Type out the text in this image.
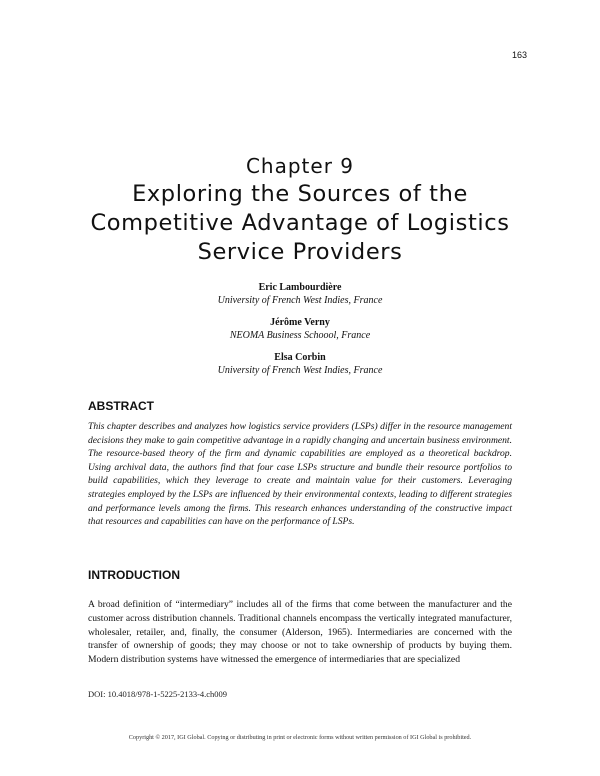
163
Chapter 9
Exploring the Sources of the Competitive Advantage of Logistics Service Providers
Eric Lambourdière
University of French West Indies, France
Jérôme Verny
NEOMA Business Schoool, France
Elsa Corbin
University of French West Indies, France
ABSTRACT

This chapter describes and analyzes how logistics service providers (LSPs) differ in the resource management decisions they make to gain competitive advantage in a rapidly changing and uncertain business environment. The resource-based theory of the firm and dynamic capabilities are employed as a theoretical backdrop. Using archival data, the authors find that four case LSPs structure and bundle their resource portfolios to build capabilities, which they leverage to create and maintain value for their customers. Leveraging strategies employed by the LSPs are influenced by their environmental contexts, leading to different strategies and performance levels among the firms. This research enhances understanding of the constructive impact that resources and capabilities can have on the performance of LSPs.

INTRODUCTION

A broad definition of “intermediary” includes all of the firms that come between the manufacturer and the customer across distribution channels. Traditional channels encompass the vertically integrated manufacturer, wholesaler, retailer, and, finally, the consumer (Alderson, 1965). Intermediaries are concerned with the transfer of ownership of goods; they may choose or not to take ownership of products by buying them. Modern distribution systems have witnessed the emergence of intermediaries that are specialized

DOI: 10.4018/978-1-5225-2133-4.ch009
Copyright © 2017, IGI Global. Copying or distributing in print or electronic forms without written permission of IGI Global is prohibited.
